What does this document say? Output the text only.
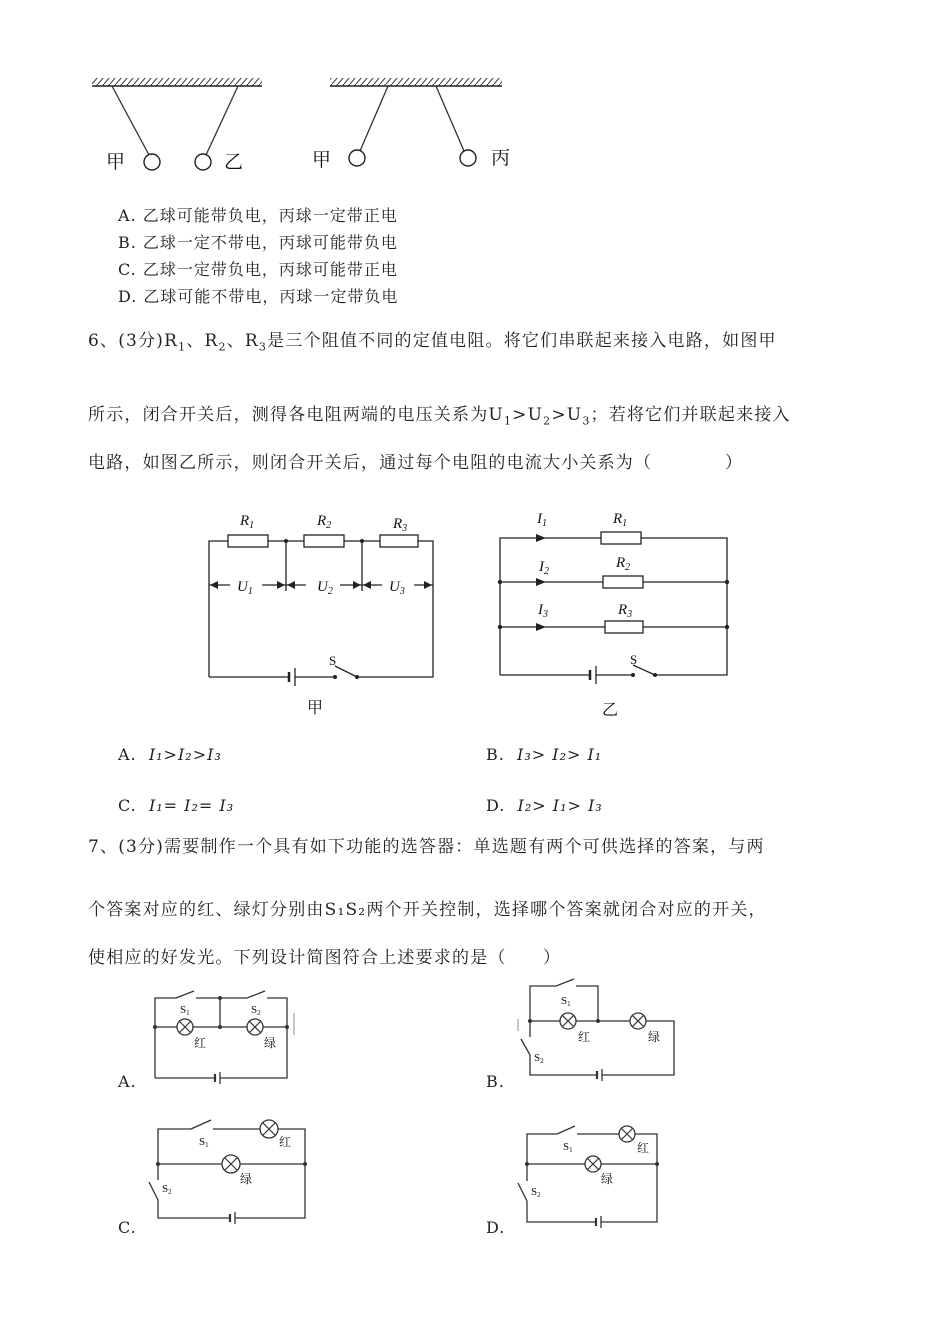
甲	乙	甲	丙
A. 乙球可能带负电，丙球一定带正电
B. 乙球一定不带电，丙球可能带负电
C. 乙球一定带负电，丙球可能带正电
D. 乙球可能不带电，丙球一定带负电
6、(3分)$R_1$、$R_2$、$R_3$是三个阻值不同的定值电阻。将它们串联起来接入电路，如图甲
所示，闭合开关后，测得各电阻两端的电压关系为$U_1>U_2>U_3$；若将它们并联起来接入
电路，如图乙所示，则闭合开关后，通过每个电阻的电流大小关系为（　　　　）
$R_1$	$R_2$	$R_3$
$U_1$	$U_2$	$U_3$
S
甲
$I_1$
$I_2$
$I_3$
$R_1$
$R_2$
$R_3$
S
乙
A. I₁>I₂>I₃	B. I₃> I₂> I₁
C. I₁= I₂= I₃	D. I₂> I₁> I₃
7、(3分)需要制作一个具有如下功能的选答器：单选题有两个可供选择的答案，与两
个答案对应的红、绿灯分别由S₁S₂两个开关控制，选择哪个答案就闭合对应的开关，
使相应的好发光。下列设计简图符合上述要求的是（　　）
S1	S2
红	绿
A.
S1
S2
红	绿
B.
S1
S2
红
绿
C.
S1
S2
红
绿
D.
